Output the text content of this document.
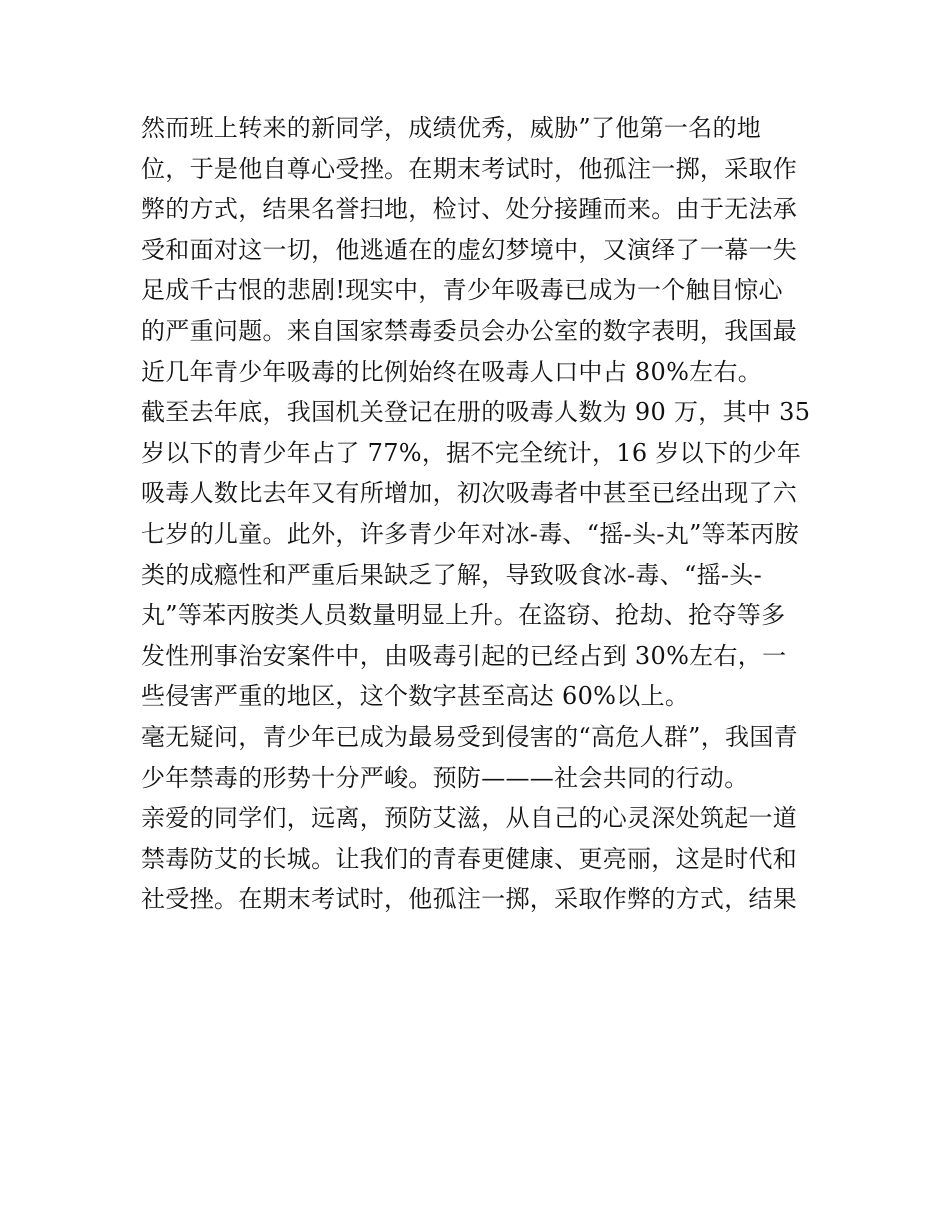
然而班上转来的新同学，成绩优秀，威胁”了他第一名的地
位，于是他自尊心受挫。在期末考试时，他孤注一掷，采取作
弊的方式，结果名誉扫地，检讨、处分接踵而来。由于无法承
受和面对这一切，他逃遁在的虚幻梦境中，又演绎了一幕一失
足成千古恨的悲剧!现实中，青少年吸毒已成为一个触目惊心
的严重问题。来自国家禁毒委员会办公室的数字表明，我国最
近几年青少年吸毒的比例始终在吸毒人口中占 80%左右。
截至去年底，我国机关登记在册的吸毒人数为 90 万，其中 35
岁以下的青少年占了 77%，据不完全统计，16 岁以下的少年
吸毒人数比去年又有所增加，初次吸毒者中甚至已经出现了六
七岁的儿童。此外，许多青少年对冰-毒、“摇-头-丸”等苯丙胺
类的成瘾性和严重后果缺乏了解，导致吸食冰-毒、“摇-头-
丸”等苯丙胺类人员数量明显上升。在盗窃、抢劫、抢夺等多
发性刑事治安案件中，由吸毒引起的已经占到 30%左右，一
些侵害严重的地区，这个数字甚至高达 60%以上。
毫无疑问，青少年已成为最易受到侵害的“高危人群”，我国青
少年禁毒的形势十分严峻。预防———社会共同的行动。
亲爱的同学们，远离，预防艾滋，从自己的心灵深处筑起一道
禁毒防艾的长城。让我们的青春更健康、更亮丽，这是时代和
社受挫。在期末考试时，他孤注一掷，采取作弊的方式，结果
